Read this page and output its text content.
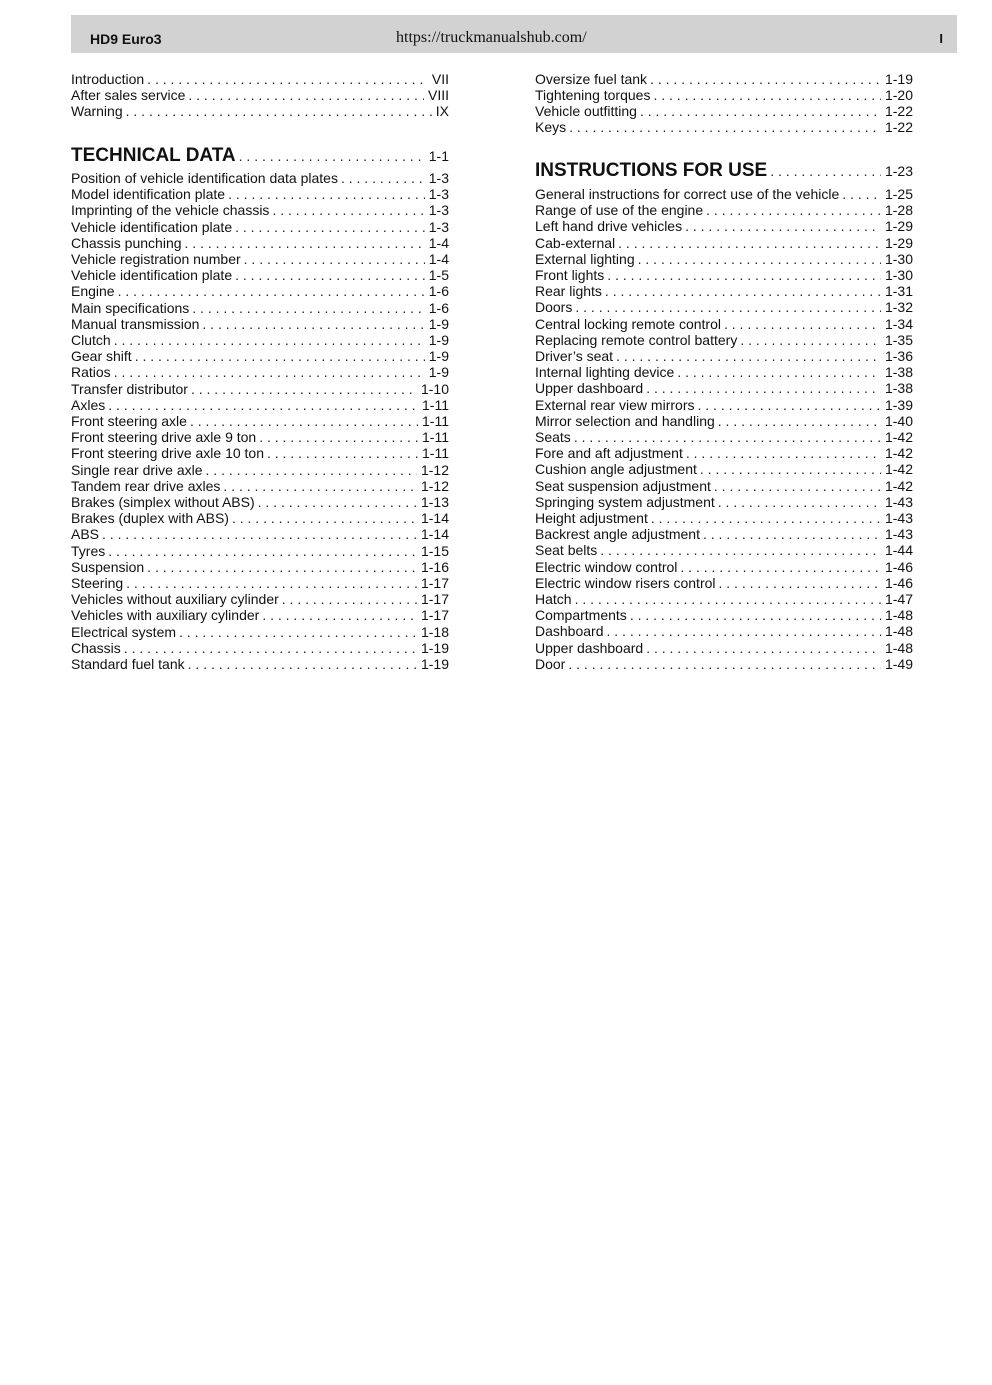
HD9 Euro3	https://truckmanualshub.com/	I
Introduction . . .	VII
After sales service . . .	VIII
Warning . . .	IX
TECHNICAL DATA . . .	1-1
Position of vehicle identification data plates . . .	1-3
Model identification plate . . .	1-3
Imprinting of the vehicle chassis . . .	1-3
Vehicle identification plate . . .	1-3
Chassis punching . . .	1-4
Vehicle registration number . . .	1-4
Vehicle identification plate . . .	1-5
Engine . . .	1-6
Main specifications . . .	1-6
Manual transmission . . .	1-9
Clutch . . .	1-9
Gear shift . . .	1-9
Ratios . . .	1-9
Transfer distributor . . .	1-10
Axles . . .	1-11
Front steering axle . . .	1-11
Front steering drive axle 9 ton . . .	1-11
Front steering drive axle 10 ton . . .	1-11
Single rear drive axle . . .	1-12
Tandem rear drive axles . . .	1-12
Brakes (simplex without ABS) . . .	1-13
Brakes (duplex with ABS) . . .	1-14
ABS . . .	1-14
Tyres . . .	1-15
Suspension . . .	1-16
Steering . . .	1-17
Vehicles without auxiliary cylinder . . .	1-17
Vehicles with auxiliary cylinder . . .	1-17
Electrical system . . .	1-18
Chassis . . .	1-19
Standard fuel tank . . .	1-19
Oversize fuel tank . . .	1-19
Tightening torques . . .	1-20
Vehicle outfitting . . .	1-22
Keys . . .	1-22
INSTRUCTIONS FOR USE . . .	1-23
General instructions for correct use of the vehicle . . .	1-25
Range of use of the engine . . .	1-28
Left hand drive vehicles . . .	1-29
Cab-external . . .	1-29
External lighting . . .	1-30
Front lights . . .	1-30
Rear lights . . .	1-31
Doors . . .	1-32
Central locking remote control . . .	1-34
Replacing remote control battery . . .	1-35
Driver’s seat . . .	1-36
Internal lighting device . . .	1-38
Upper dashboard . . .	1-38
External rear view mirrors . . .	1-39
Mirror selection and handling . . .	1-40
Seats . . .	1-42
Fore and aft adjustment . . .	1-42
Cushion angle adjustment . . .	1-42
Seat suspension adjustment . . .	1-42
Springing system adjustment . . .	1-43
Height adjustment . . .	1-43
Backrest angle adjustment . . .	1-43
Seat belts . . .	1-44
Electric window control . . .	1-46
Electric window risers control . . .	1-46
Hatch . . .	1-47
Compartments . . .	1-48
Dashboard . . .	1-48
Upper dashboard . . .	1-48
Door . . .	1-49
